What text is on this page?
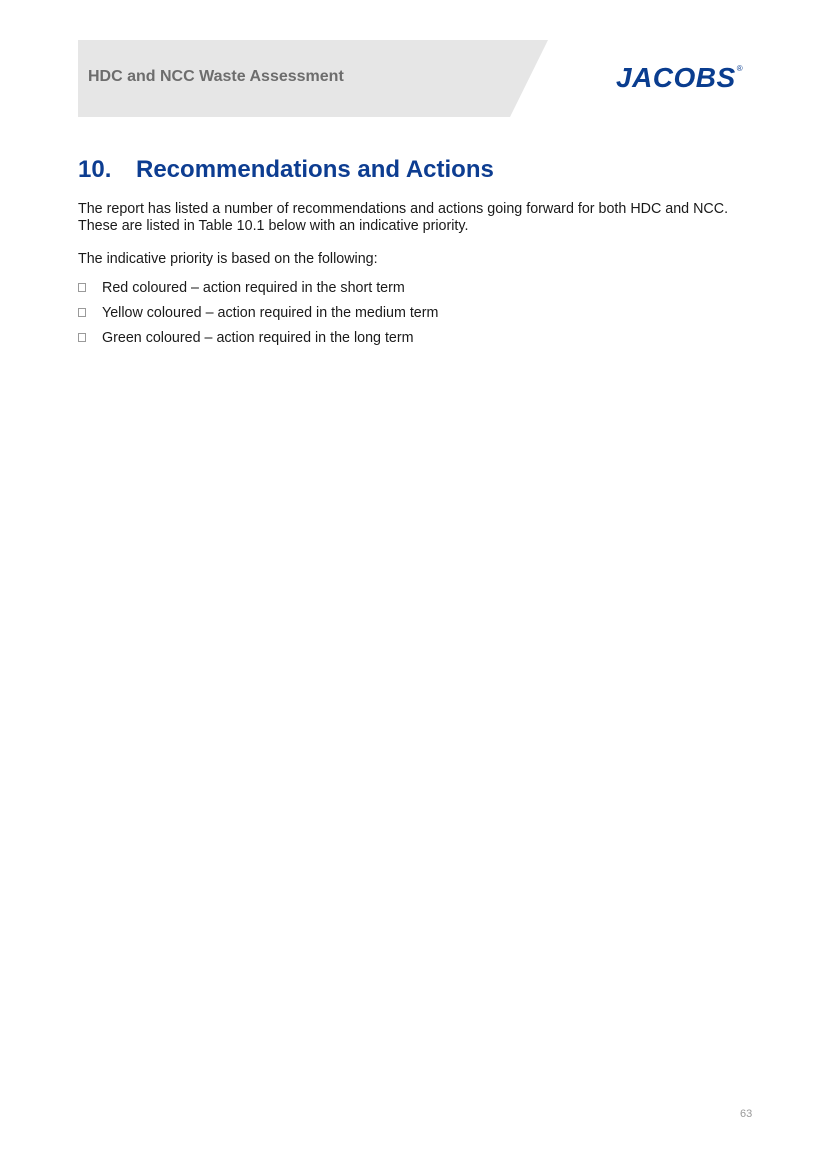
HDC and NCC Waste Assessment	JACOBS ®
10. Recommendations and Actions
The report has listed a number of recommendations and actions going forward for both HDC and NCC. These are listed in Table 10.1 below with an indicative priority.
The indicative priority is based on the following:
Red coloured – action required in the short term
Yellow coloured – action required in the medium term
Green coloured – action required in the long term
63
